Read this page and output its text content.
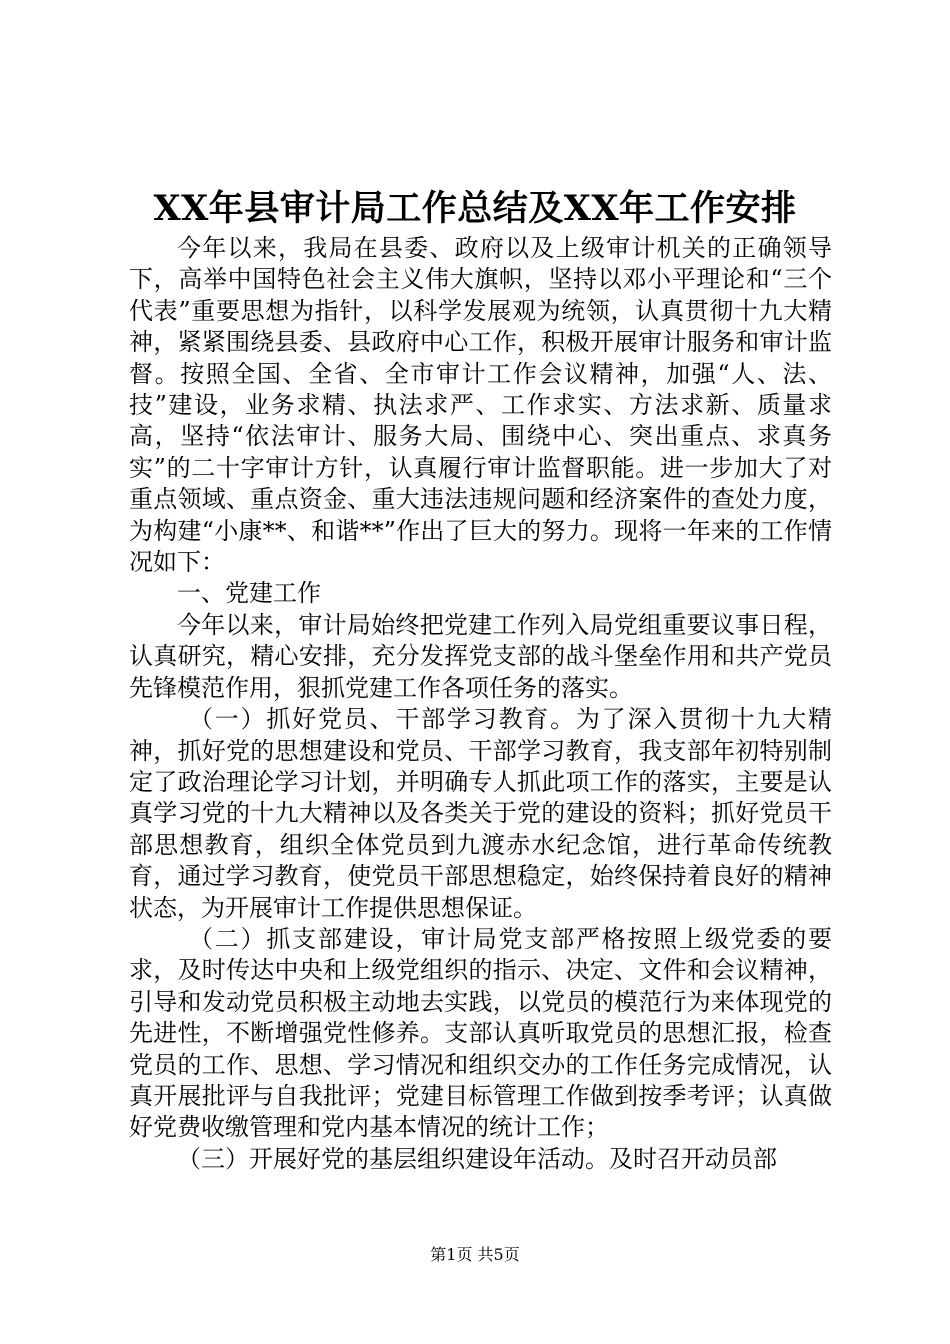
XX年县审计局工作总结及XX年工作安排

今年以来，我局在县委、政府以及上级审计机关的正确领导下，高举中国特色社会主义伟大旗帜，坚持以邓小平理论和“三个代表”重要思想为指针，以科学发展观为统领，认真贯彻十九大精神，紧紧围绕县委、县政府中心工作，积极开展审计服务和审计监督。按照全国、全省、全市审计工作会议精神，加强“人、法、技”建设，业务求精、执法求严、工作求实、方法求新、质量求高，坚持“依法审计、服务大局、围绕中心、突出重点、求真务实”的二十字审计方针，认真履行审计监督职能。进一步加大了对重点领域、重点资金、重大违法违规问题和经济案件的查处力度，为构建“小康**、和谐**”作出了巨大的努力。现将一年来的工作情况如下：

一、党建工作

今年以来，审计局始终把党建工作列入局党组重要议事日程，认真研究，精心安排，充分发挥党支部的战斗堡垒作用和共产党员先锋模范作用，狠抓党建工作各项任务的落实。

（一）抓好党员、干部学习教育。为了深入贯彻十九大精神，抓好党的思想建设和党员、干部学习教育，我支部年初特别制定了政治理论学习计划，并明确专人抓此项工作的落实，主要是认真学习党的十九大精神以及各类关于党的建设的资料；抓好党员干部思想教育，组织全体党员到九渡赤水纪念馆，进行革命传统教育，通过学习教育，使党员干部思想稳定，始终保持着良好的精神状态，为开展审计工作提供思想保证。

（二）抓支部建设，审计局党支部严格按照上级党委的要求，及时传达中央和上级党组织的指示、决定、文件和会议精神，引导和发动党员积极主动地去实践，以党员的模范行为来体现党的先进性，不断增强党性修养。支部认真听取党员的思想汇报，检查党员的工作、思想、学习情况和组织交办的工作任务完成情况，认真开展批评与自我批评；党建目标管理工作做到按季考评；认真做好党费收缴管理和党内基本情况的统计工作；

（三）开展好党的基层组织建设年活动。及时召开动员部

第1页 共5页
